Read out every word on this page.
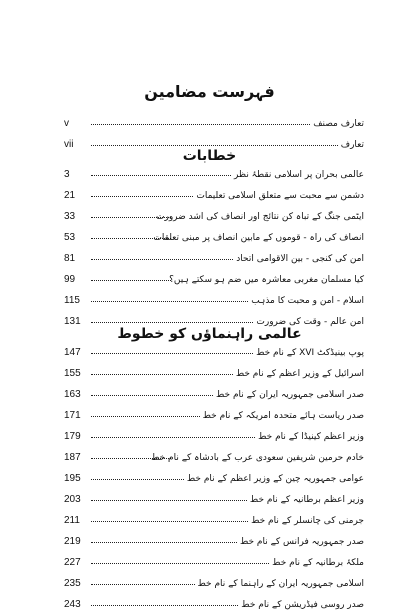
فہرست مضامین
v	تعارف مصنف
vii	تعارف
خطابات
3	عالمی بحران پر اسلامی نقطۂ نظر
21	دشمن سے محبت سے متعلق اسلامی تعلیمات
33	ایٹمی جنگ کے تباہ کن نتائج اور انصاف کی اشد ضرورت
53	انصاف کی راہ - قوموں کے مابین انصاف پر مبنی تعلقات
81	امن کی کنجی - بین الاقوامی اتحاد
99	کیا مسلمان مغربی معاشرہ میں ضم ہو سکتے ہیں؟
115	اسلام - امن و محبت کا مذہب
131	امن عالم - وقت کی ضرورت
عالمی راہنماؤں کو خطوط
147	پوپ بینیڈکٹ XVI کے نام خط
155	اسرائیل کے وزیر اعظم کے نام خط
163	صدر اسلامی جمہوریہ ایران کے نام خط
171	صدر ریاست ہائے متحدہ امریکہ کے نام خط
179	وزیر اعظم کینیڈا کے نام خط
187	خادم حرمین شریفین سعودی عرب کے بادشاہ کے نام خط
195	عوامی جمہوریہ چین کے وزیر اعظم کے نام خط
203	وزیر اعظم برطانیہ کے نام خط
211	جرمنی کی چانسلر کے نام خط
219	صدر جمہوریہ فرانس کے نام خط
227	ملکۂ برطانیہ کے نام خط
235	اسلامی جمہوریہ ایران کے راہنما کے نام خط
243	صدر روسی فیڈریشن کے نام خط
